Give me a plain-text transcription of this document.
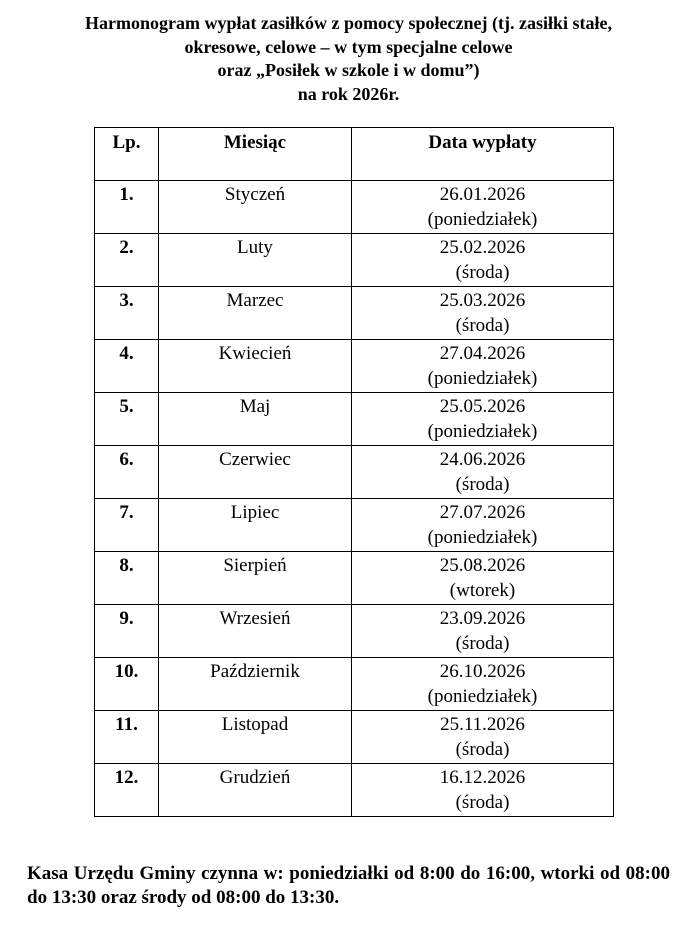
Harmonogram wypłat zasiłków z pomocy społecznej (tj. zasiłki stałe,
okresowe, celowe – w tym specjalne celowe
oraz „Posiłek w szkole i w domu”)
na rok 2026r.
Lp.	Miesiąc	Data wypłaty
1.	Styczeń	26.01.2026
(poniedziałek)

2.	Luty	25.02.2026
(środa)

3.	Marzec	25.03.2026
(środa)

4.	Kwiecień	27.04.2026
(poniedziałek)

5.	Maj	25.05.2026
(poniedziałek)

6.	Czerwiec	24.06.2026
(środa)

7.	Lipiec	27.07.2026
(poniedziałek)

8.	Sierpień	25.08.2026
(wtorek)

9.	Wrzesień	23.09.2026
(środa)

10.	Październik	26.10.2026
(poniedziałek)

11.	Listopad	25.11.2026
(środa)

12.	Grudzień	16.12.2026
(środa)
Kasa Urzędu Gminy czynna w: poniedziałki od 8:00 do 16:00, wtorki od 08:00 do 13:30 oraz środy od 08:00 do 13:30.
